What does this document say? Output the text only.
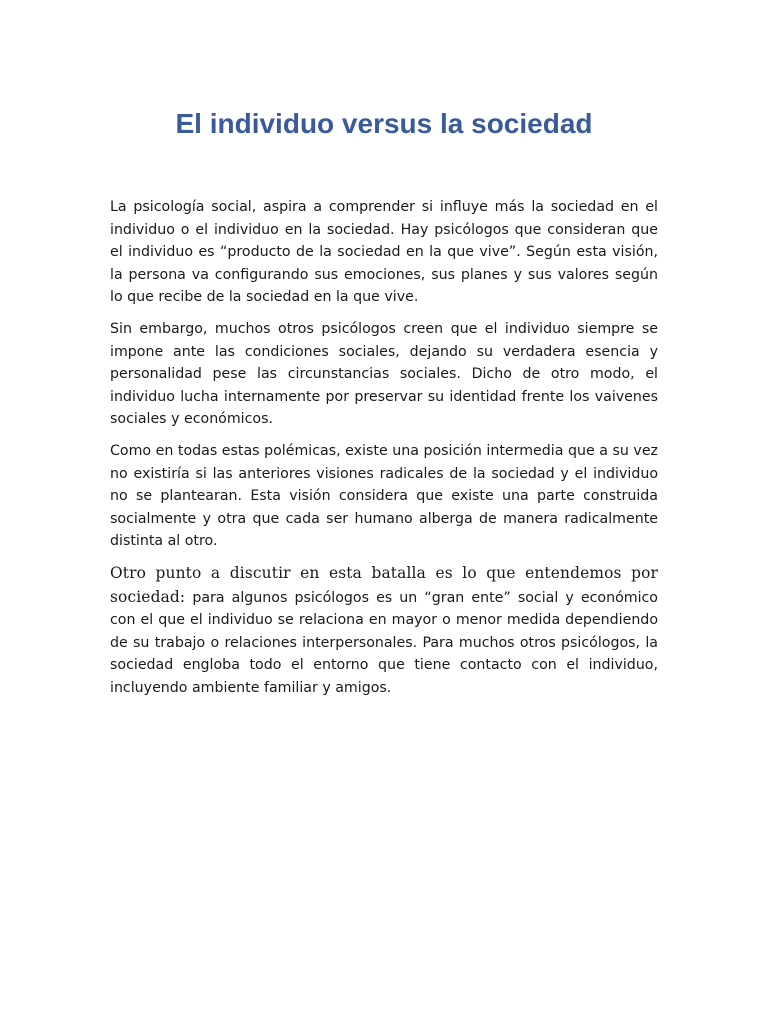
El individuo versus la sociedad

La psicología social, aspira a comprender si influye más la sociedad en el individuo o el individuo en la sociedad. Hay psicólogos que consideran que el individuo es “producto de la sociedad en la que vive”. Según esta visión, la persona va configurando sus emociones, sus planes y sus valores según lo que recibe de la sociedad en la que vive.

Sin embargo, muchos otros psicólogos creen que el individuo siempre se impone ante las condiciones sociales, dejando su verdadera esencia y personalidad pese las circunstancias sociales. Dicho de otro modo, el individuo lucha internamente por preservar su identidad frente los vaivenes sociales y económicos.

Como en todas estas polémicas, existe una posición intermedia que a su vez no existiría si las anteriores visiones radicales de la sociedad y el individuo no se plantearan. Esta visión considera que existe una parte construida socialmente y otra que cada ser humano alberga de manera radicalmente distinta al otro.

Otro punto a discutir en esta batalla es lo que entendemos por sociedad: para algunos psicólogos es un “gran ente” social y económico con el que el individuo se relaciona en mayor o menor medida dependiendo de su trabajo o relaciones interpersonales. Para muchos otros psicólogos, la sociedad engloba todo el entorno que tiene contacto con el individuo, incluyendo ambiente familiar y amigos.
